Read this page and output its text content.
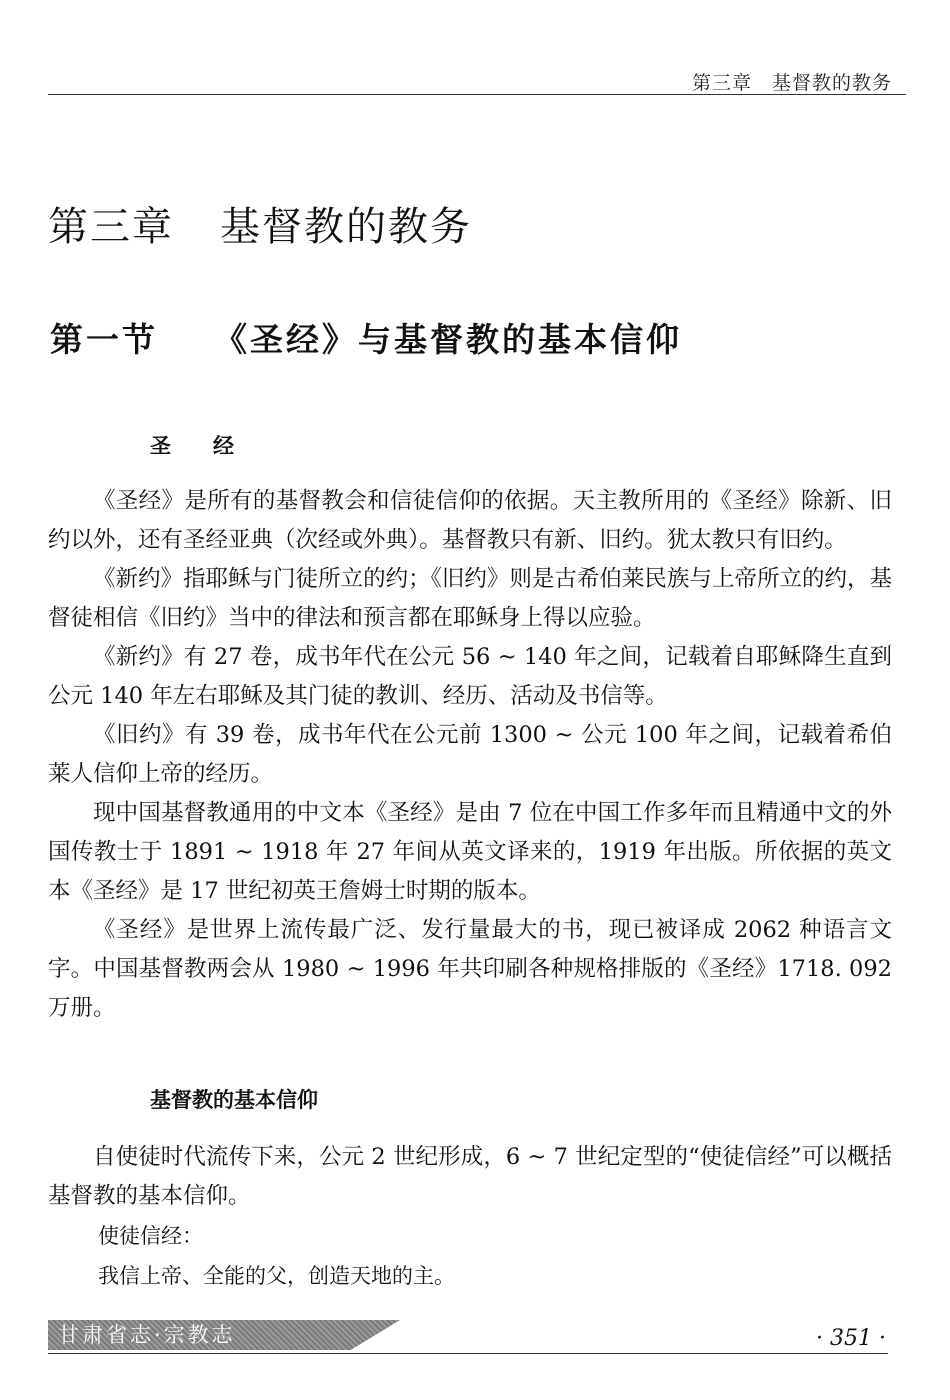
第三章　基督教的教务
第三章 基督教的教务
第一节 《圣经》与基督教的基本信仰
圣经

《圣经》是所有的基督教会和信徒信仰的依据。天主教所用的《圣经》除新、旧约以外，还有圣经亚典（次经或外典）。基督教只有新、旧约。犹太教只有旧约。

《新约》指耶稣与门徒所立的约；《旧约》则是古希伯莱民族与上帝所立的约，基督徒相信《旧约》当中的律法和预言都在耶稣身上得以应验。

《新约》有 27 卷，成书年代在公元 56 ~ 140 年之间，记载着自耶稣降生直到公元 140 年左右耶稣及其门徒的教训、经历、活动及书信等。

《旧约》有 39 卷，成书年代在公元前 1300 ~ 公元 100 年之间，记载着希伯莱人信仰上帝的经历。

现中国基督教通用的中文本《圣经》是由 7 位在中国工作多年而且精通中文的外国传教士于 1891 ~ 1918 年 27 年间从英文译来的，1919 年出版。所依据的英文本《圣经》是 17 世纪初英王詹姆士时期的版本。

《圣经》是世界上流传最广泛、发行量最大的书，现已被译成 2062 种语言文字。中国基督教两会从 1980 ~ 1996 年共印刷各种规格排版的《圣经》1718. 092 万册。

基督教的基本信仰

自使徒时代流传下来，公元 2 世纪形成，6 ~ 7 世纪定型的“使徒信经”可以概括基督教的基本信仰。

使徒信经：
我信上帝、全能的父，创造天地的主。
甘肃省志·宗教志	· 351 ·
